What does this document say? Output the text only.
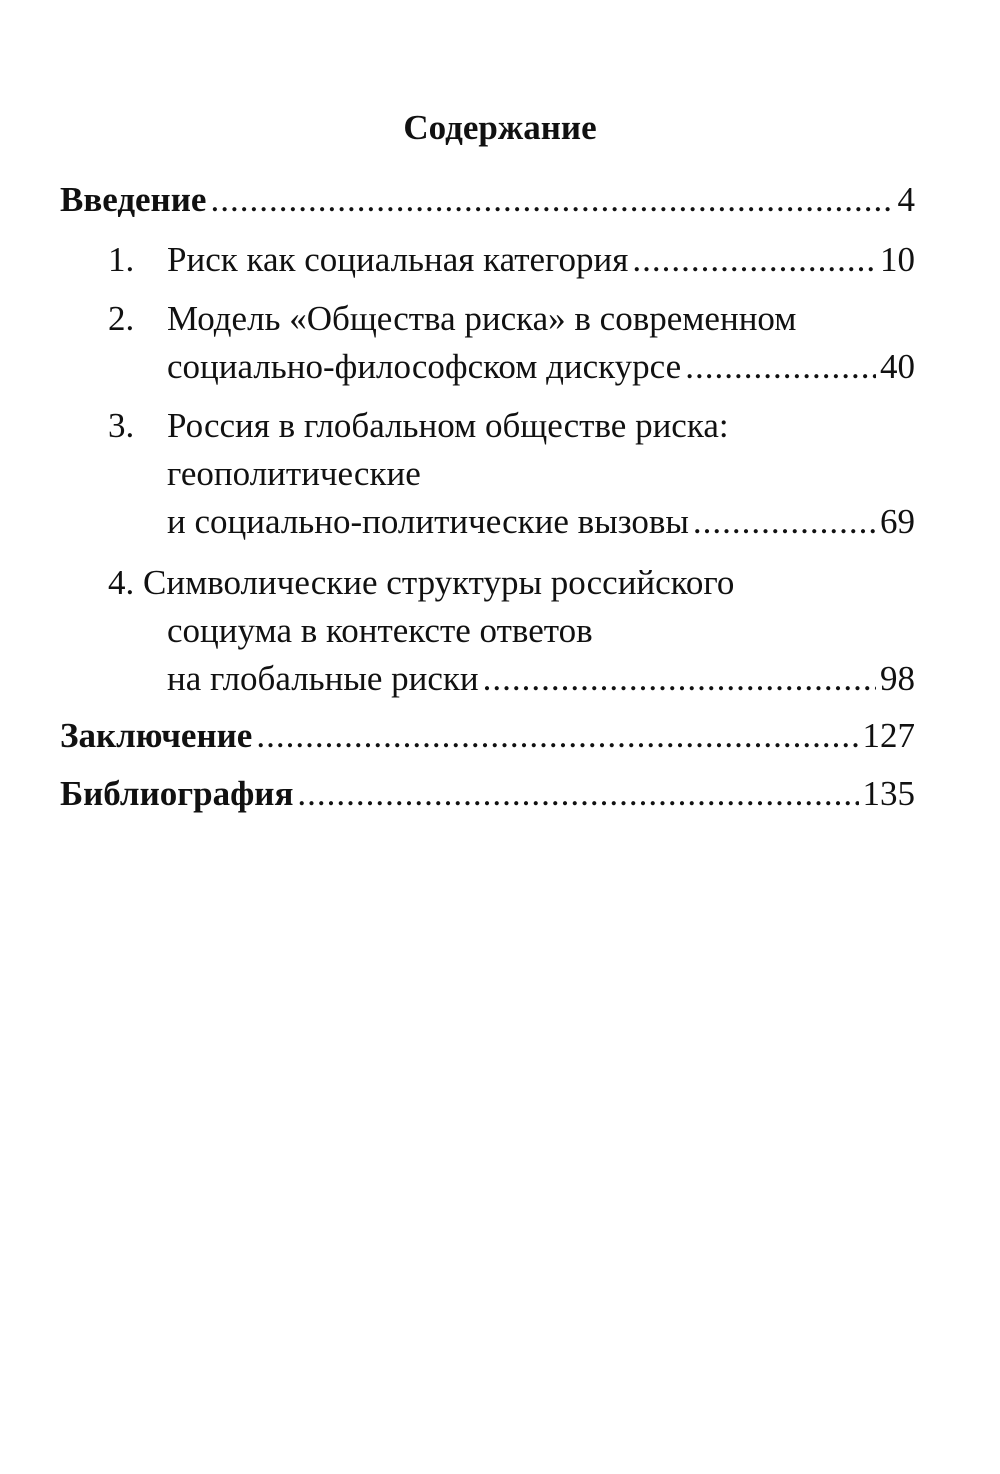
Содержание
Введение .....	4
1. Риск как социальная категория .....	10
2. Модель «Общества риска» в современном
социально-философском дискурсе .....	40
3. Россия в глобальном обществе риска:
геополитические
и социально-политические вызовы .....	69
4. Символические структуры российского
социума в контексте ответов
на глобальные риски .....	98
Заключение .....	127
Библиография .....	135
